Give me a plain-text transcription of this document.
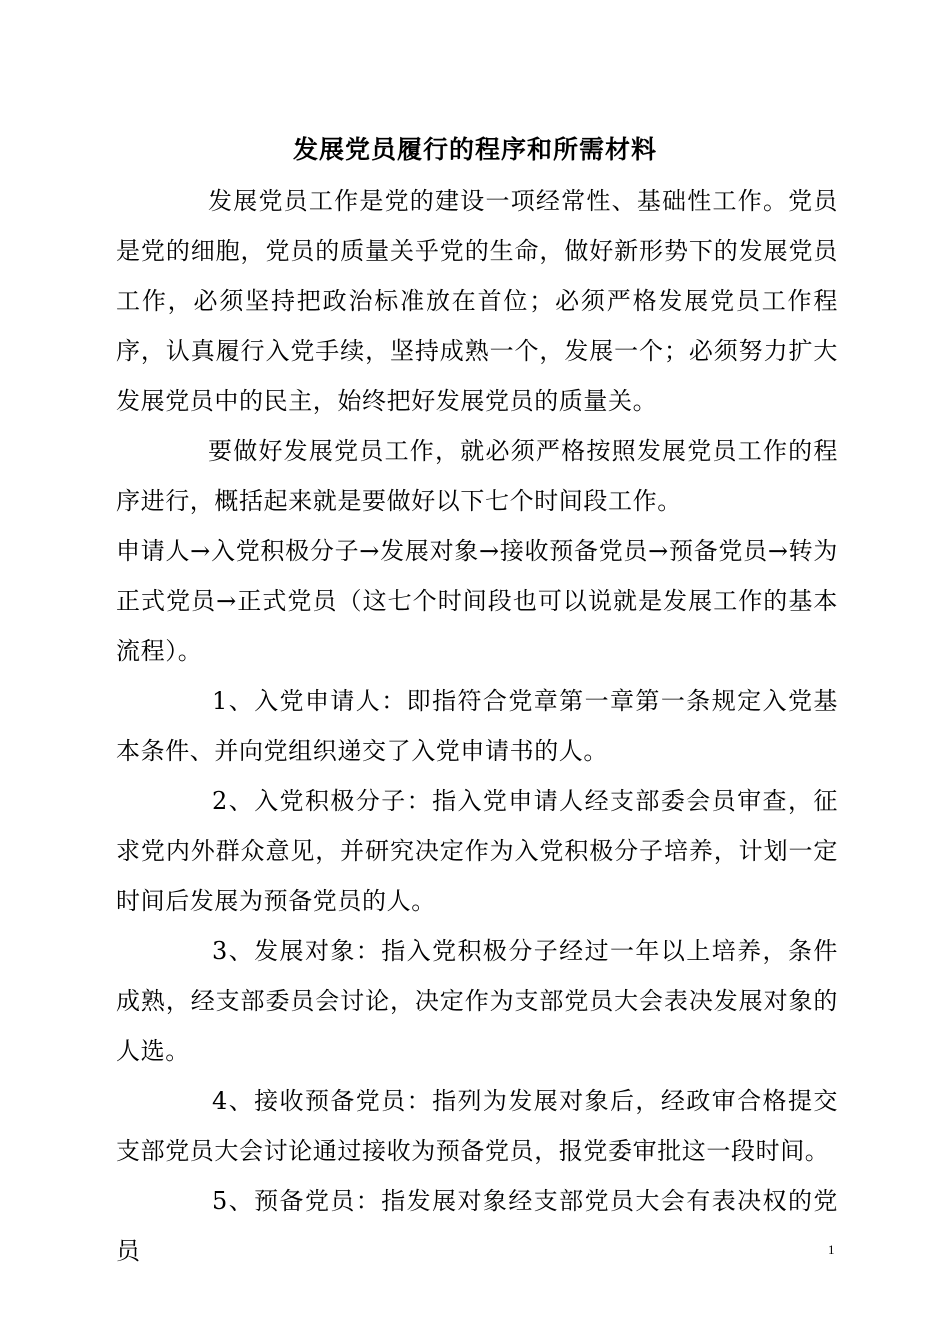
发展党员履行的程序和所需材料

发展党员工作是党的建设一项经常性、基础性工作。党员是党的细胞，党员的质量关乎党的生命，做好新形势下的发展党员工作，必须坚持把政治标准放在首位；必须严格发展党员工作程序，认真履行入党手续，坚持成熟一个，发展一个；必须努力扩大发展党员中的民主，始终把好发展党员的质量关。

要做好发展党员工作，就必须严格按照发展党员工作的程序进行，概括起来就是要做好以下七个时间段工作。

申请人→入党积极分子→发展对象→接收预备党员→预备党员→转为正式党员→正式党员（这七个时间段也可以说就是发展工作的基本流程）。

1、入党申请人：即指符合党章第一章第一条规定入党基本条件、并向党组织递交了入党申请书的人。

2、入党积极分子：指入党申请人经支部委会员审查，征求党内外群众意见，并研究决定作为入党积极分子培养，计划一定时间后发展为预备党员的人。

3、发展对象：指入党积极分子经过一年以上培养，条件成熟，经支部委员会讨论，决定作为支部党员大会表决发展对象的人选。

4、接收预备党员：指列为发展对象后，经政审合格提交支部党员大会讨论通过接收为预备党员，报党委审批这一段时间。

5、预备党员：指发展对象经支部党员大会有表决权的党员	1
